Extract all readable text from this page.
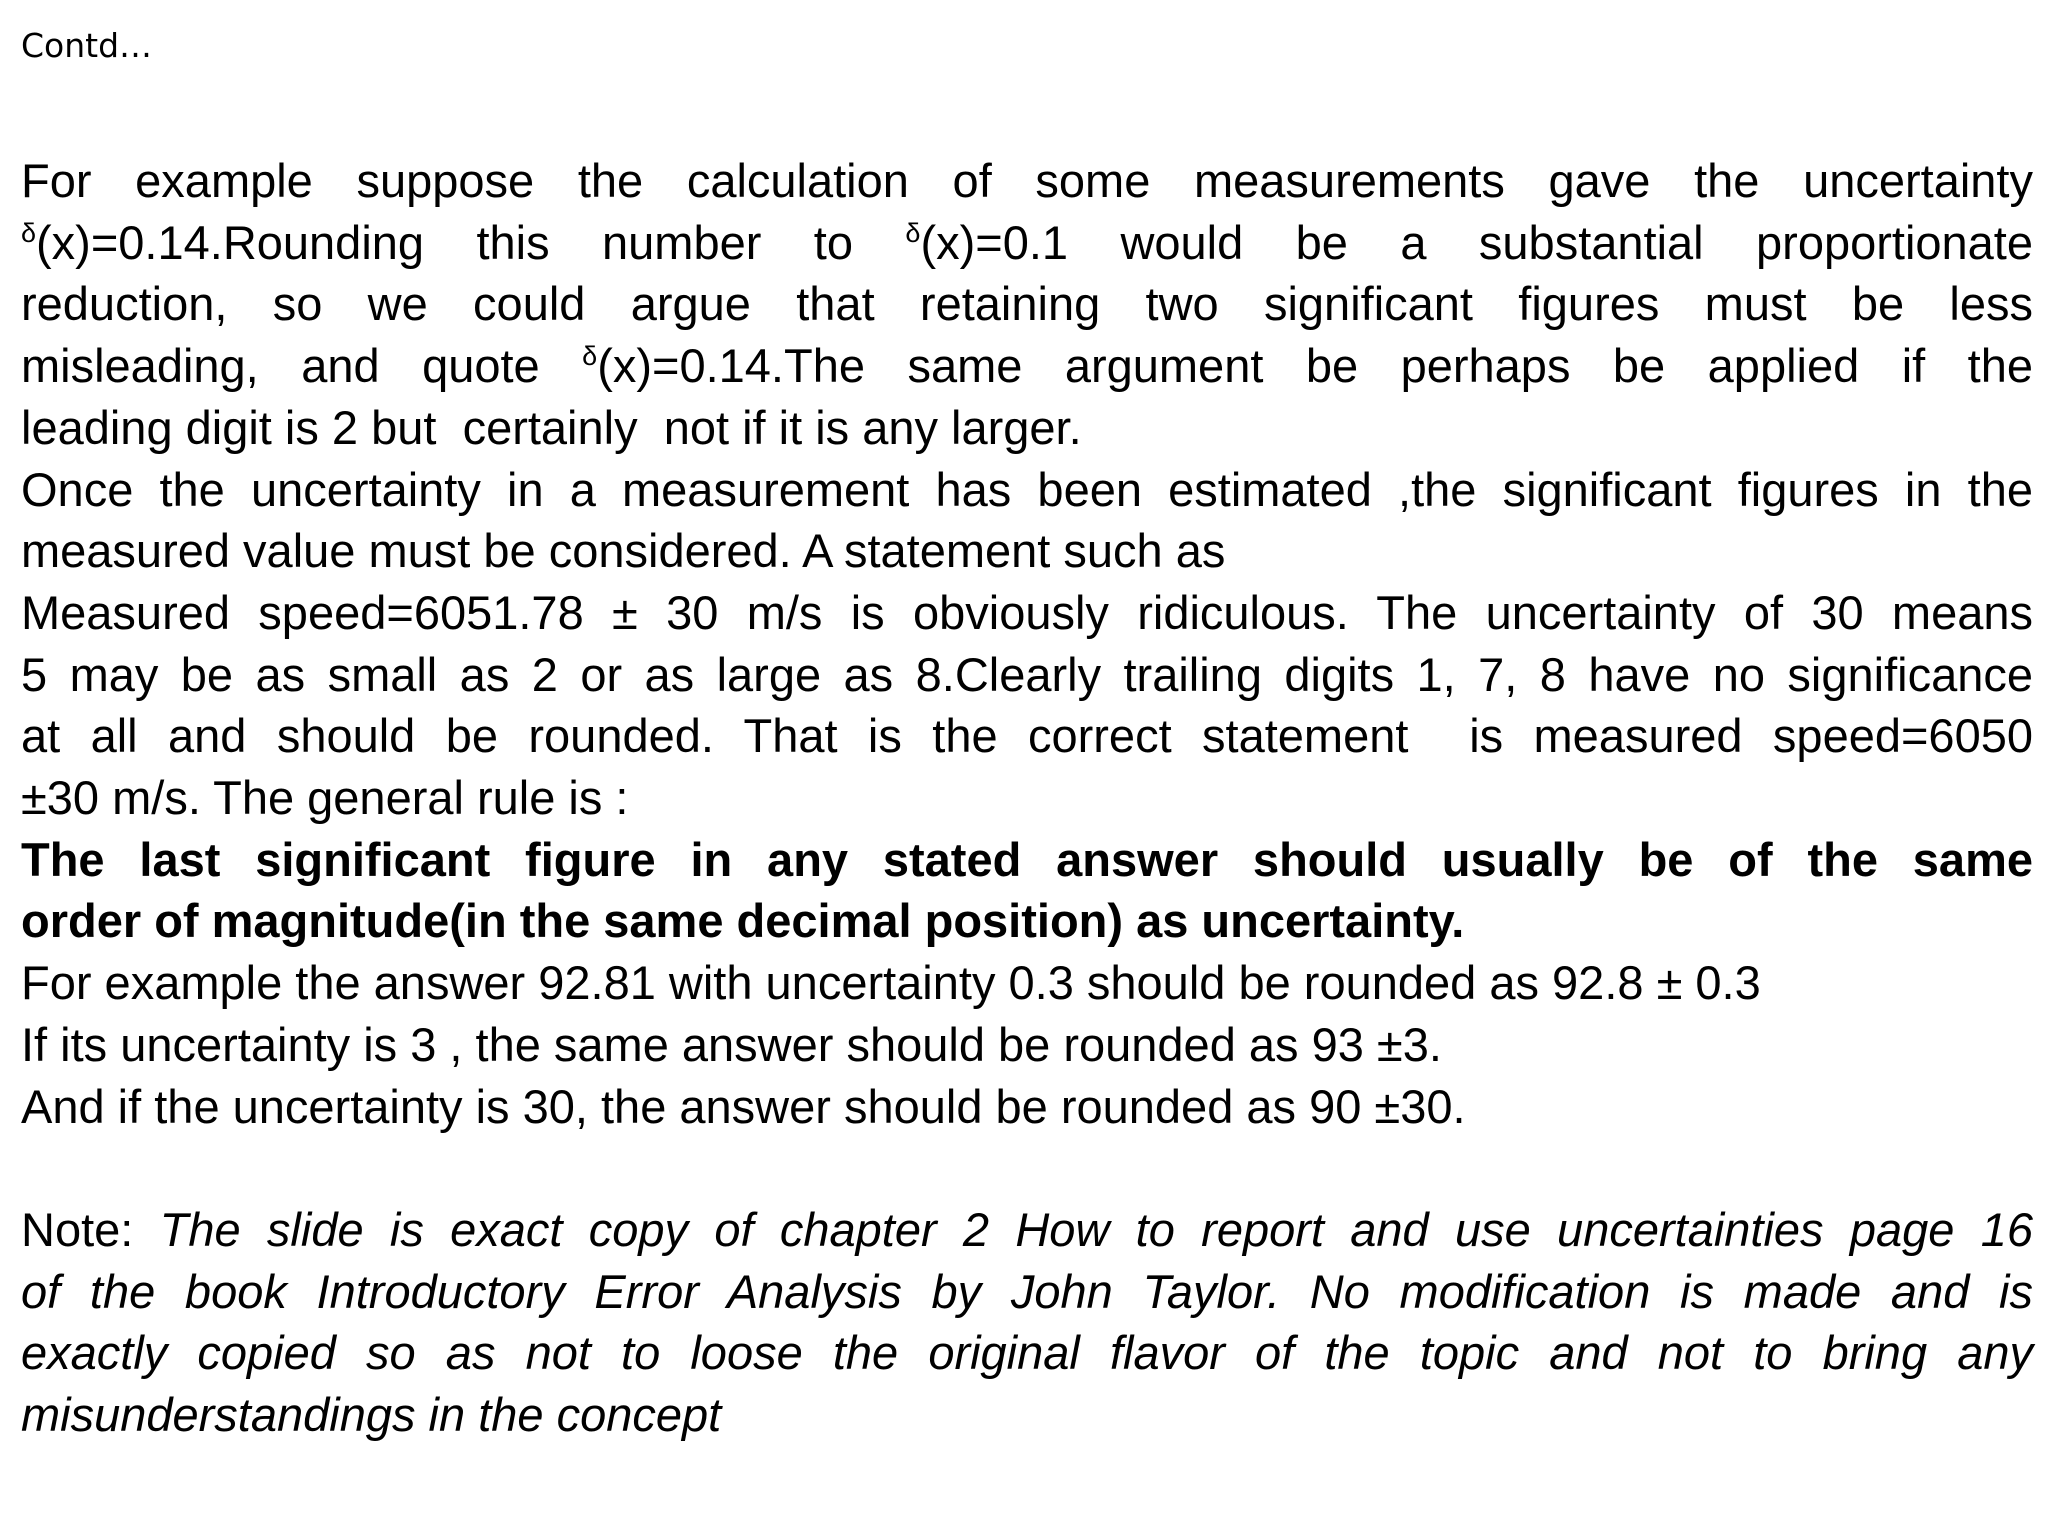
Contd…

For example suppose the calculation of some measurements gave the uncertainty
$^\delta$(x)=0.14.Rounding this number to $^\delta$(x)=0.1 would be a substantial proportionate
reduction, so we could argue that retaining two significant figures must be less
misleading, and quote $^\delta$(x)=0.14.The same argument be perhaps be applied if the
leading digit is 2 but  certainly  not if it is any larger.

Once the uncertainty in a measurement has been estimated ,the significant figures in the
measured value must be considered. A statement such as

Measured speed=6051.78 ± 30 m/s is obviously ridiculous. The uncertainty of 30 means
5 may be as small as 2 or as large as 8.Clearly trailing digits 1, 7, 8 have no significance
at all and should be rounded. That is the correct statement  is measured speed=6050
±30 m/s. The general rule is :

The last significant figure in any stated answer should usually be of the same
order of magnitude(in the same decimal position) as uncertainty.

For example the answer 92.81 with uncertainty 0.3 should be rounded as 92.8 ± 0.3
If its uncertainty is 3 , the same answer should be rounded as 93 ±3.
And if the uncertainty is 30, the answer should be rounded as 90 ±30.

Note: The slide is exact copy of chapter 2 How to report and use uncertainties page 16
of the book Introductory Error Analysis by John Taylor. No modification is made and is
exactly copied so as not to loose the original flavor of the topic and not to bring any
misunderstandings in the concept
